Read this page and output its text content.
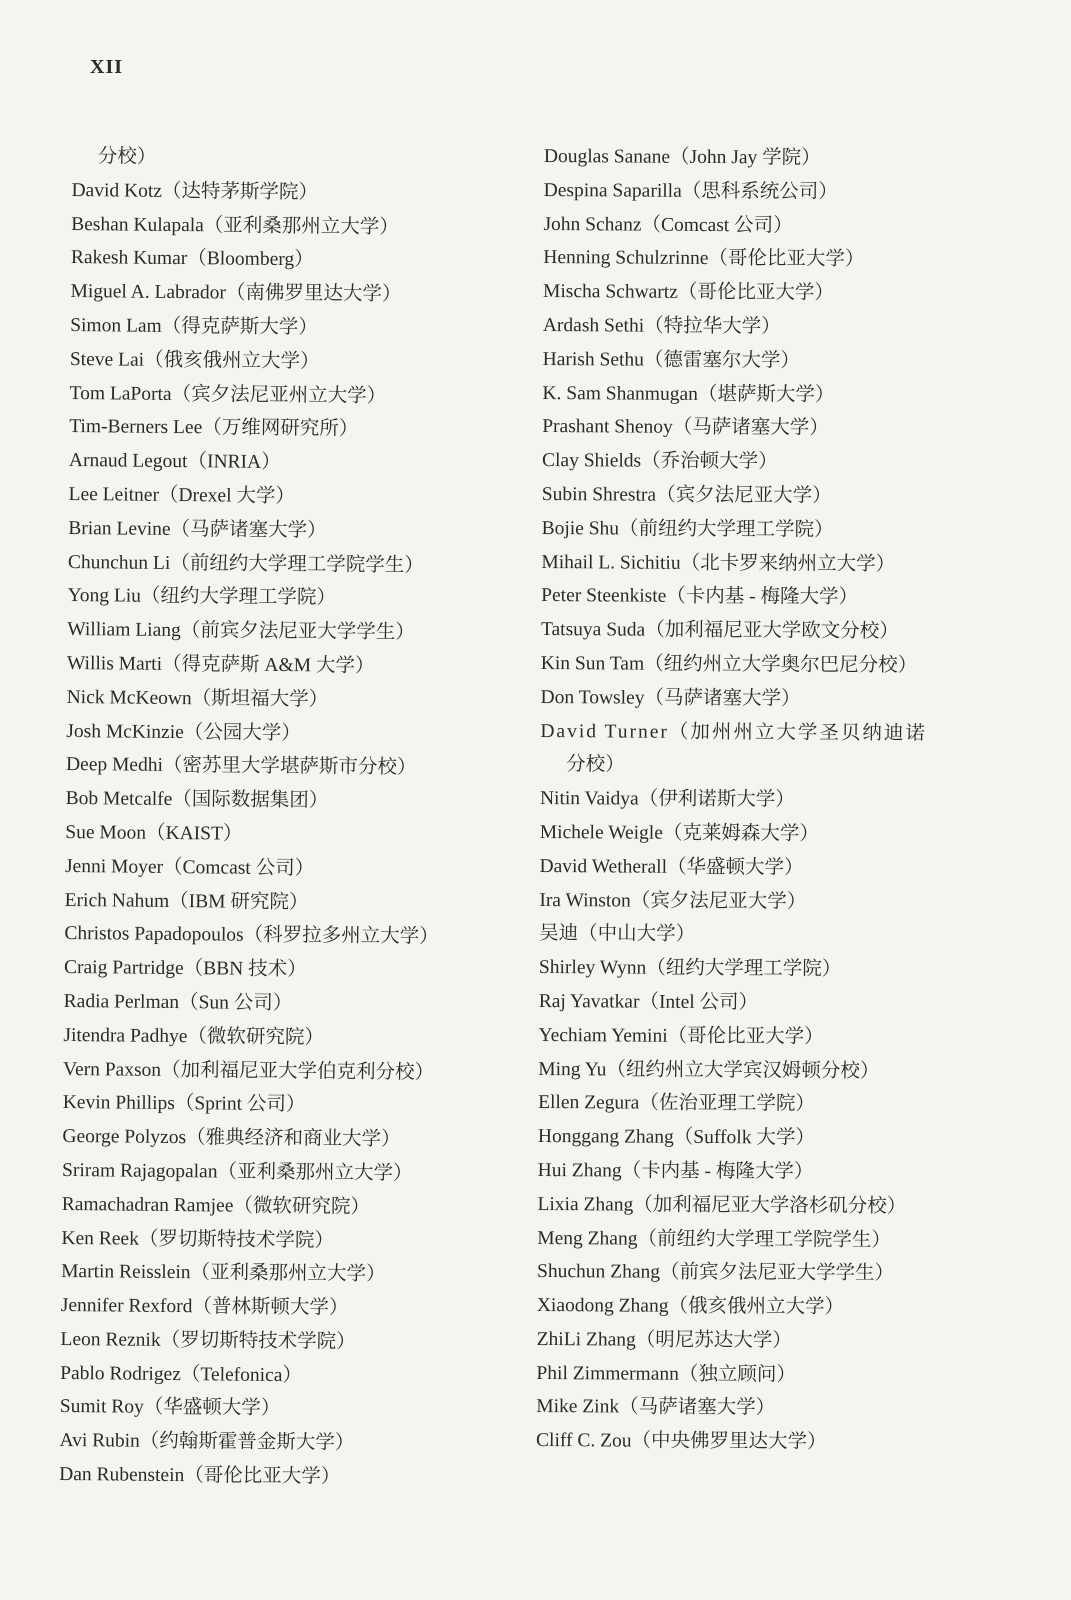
XII
分校）
David Kotz（达特茅斯学院）
Beshan Kulapala（亚利桑那州立大学）
Rakesh Kumar（Bloomberg）
Miguel A. Labrador（南佛罗里达大学）
Simon Lam（得克萨斯大学）
Steve Lai（俄亥俄州立大学）
Tom LaPorta（宾夕法尼亚州立大学）
Tim-Berners Lee（万维网研究所）
Arnaud Legout（INRIA）
Lee Leitner（Drexel 大学）
Brian Levine（马萨诸塞大学）
Chunchun Li（前纽约大学理工学院学生）
Yong Liu（纽约大学理工学院）
William Liang（前宾夕法尼亚大学学生）
Willis Marti（得克萨斯 A&M 大学）
Nick McKeown（斯坦福大学）
Josh McKinzie（公园大学）
Deep Medhi（密苏里大学堪萨斯市分校）
Bob Metcalfe（国际数据集团）
Sue Moon（KAIST）
Jenni Moyer（Comcast 公司）
Erich Nahum（IBM 研究院）
Christos Papadopoulos（科罗拉多州立大学）
Craig Partridge（BBN 技术）
Radia Perlman（Sun 公司）
Jitendra Padhye（微软研究院）
Vern Paxson（加利福尼亚大学伯克利分校）
Kevin Phillips（Sprint 公司）
George Polyzos（雅典经济和商业大学）
Sriram Rajagopalan（亚利桑那州立大学）
Ramachadran Ramjee（微软研究院）
Ken Reek（罗切斯特技术学院）
Martin Reisslein（亚利桑那州立大学）
Jennifer Rexford（普林斯顿大学）
Leon Reznik（罗切斯特技术学院）
Pablo Rodrigez（Telefonica）
Sumit Roy（华盛顿大学）
Avi Rubin（约翰斯霍普金斯大学）
Dan Rubenstein（哥伦比亚大学）
Douglas Sanane（John Jay 学院）
Despina Saparilla（思科系统公司）
John Schanz（Comcast 公司）
Henning Schulzrinne（哥伦比亚大学）
Mischa Schwartz（哥伦比亚大学）
Ardash Sethi（特拉华大学）
Harish Sethu（德雷塞尔大学）
K. Sam Shanmugan（堪萨斯大学）
Prashant Shenoy（马萨诸塞大学）
Clay Shields（乔治顿大学）
Subin Shrestra（宾夕法尼亚大学）
Bojie Shu（前纽约大学理工学院）
Mihail L. Sichitiu（北卡罗来纳州立大学）
Peter Steenkiste（卡内基 - 梅隆大学）
Tatsuya Suda（加利福尼亚大学欧文分校）
Kin Sun Tam（纽约州立大学奥尔巴尼分校）
Don Towsley（马萨诸塞大学）
David Turner（加州州立大学圣贝纳迪诺
分校）
Nitin Vaidya（伊利诺斯大学）
Michele Weigle（克莱姆森大学）
David Wetherall（华盛顿大学）
Ira Winston（宾夕法尼亚大学）
吴迪（中山大学）
Shirley Wynn（纽约大学理工学院）
Raj Yavatkar（Intel 公司）
Yechiam Yemini（哥伦比亚大学）
Ming Yu（纽约州立大学宾汉姆顿分校）
Ellen Zegura（佐治亚理工学院）
Honggang Zhang（Suffolk 大学）
Hui Zhang（卡内基 - 梅隆大学）
Lixia Zhang（加利福尼亚大学洛杉矶分校）
Meng Zhang（前纽约大学理工学院学生）
Shuchun Zhang（前宾夕法尼亚大学学生）
Xiaodong Zhang（俄亥俄州立大学）
ZhiLi Zhang（明尼苏达大学）
Phil Zimmermann（独立顾问）
Mike Zink（马萨诸塞大学）
Cliff C. Zou（中央佛罗里达大学）
